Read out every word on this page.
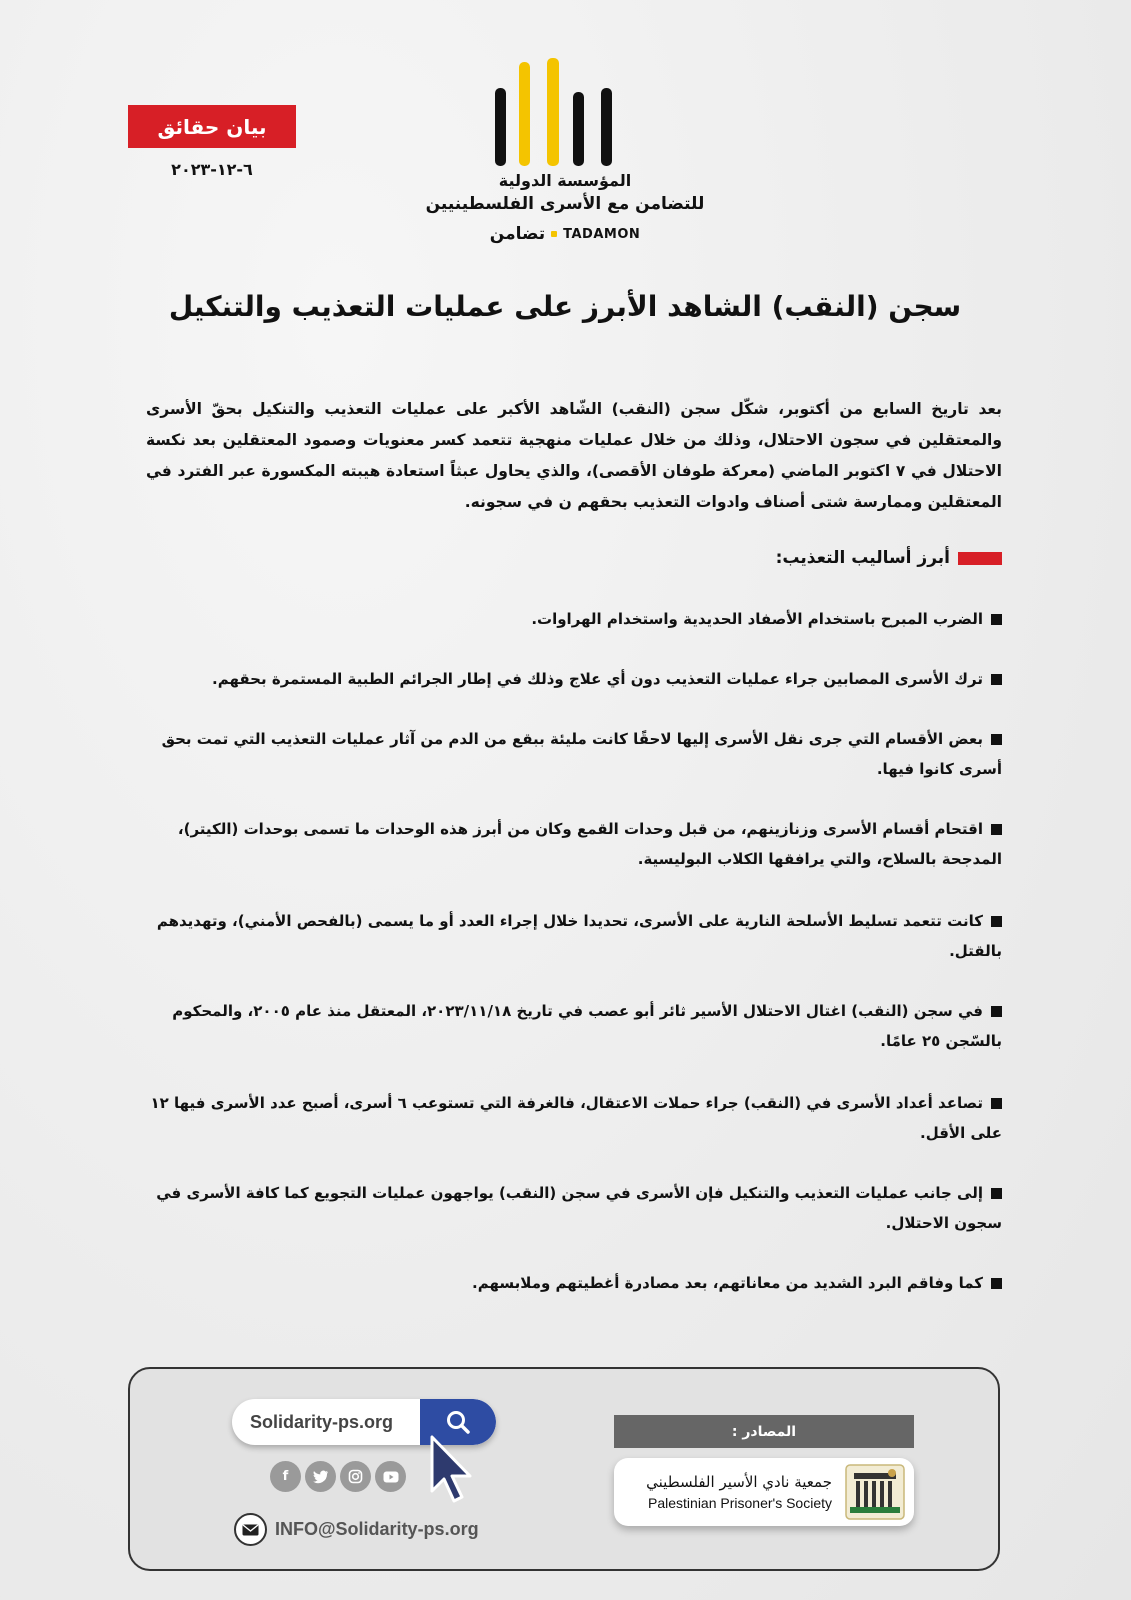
بيان حقائق
٦-١٢-٢٠٢٣
المؤسسة الدولية
للتضامن مع الأسرى الفلسطينيين
TADAMON
تضامن
سجن (النقب) الشاهد الأبرز على عمليات التعذيب والتنكيل
بعد تاريخ السابع من أكتوبر، شكّل سجن (النقب) الشّاهد الأكبر على عمليات التعذيب والتنكيل بحقّ الأسرى والمعتقلين في سجون الاحتلال، وذلك من خلال عمليات منهجية تتعمد كسر معنويات وصمود المعتقلين بعد نكسة الاحتلال في ٧ اكتوبر الماضي (معركة طوفان الأقصى)، والذي يحاول عبثاً استعادة هيبته المكسورة عبر الفترد في المعتقلين وممارسة شتى أصناف وادوات التعذيب بحقهم ن في سجونه.
أبرز أساليب التعذيب:
الضرب المبرح باستخدام الأصفاد الحديدية واستخدام الهراوات.
ترك الأسرى المصابين جراء عمليات التعذيب دون أي علاج وذلك في إطار الجرائم الطبية المستمرة بحقهم.
بعض الأقسام التي جرى نقل الأسرى إليها لاحقًا كانت مليئة ببقع من الدم من آثار عمليات التعذيب التي تمت بحق أسرى كانوا فيها.
اقتحام أقسام الأسرى وزنازينهم، من قبل وحدات القمع وكان من أبرز هذه الوحدات ما تسمى بوحدات (الكيتر)، المدجحة بالسلاح، والتي يرافقها الكلاب البوليسية.
كانت تتعمد تسليط الأسلحة النارية على الأسرى، تحديدا خلال إجراء العدد أو ما يسمى (بالفحص الأمني)، وتهديدهم بالقتل.
في سجن (النقب) اغتال الاحتلال الأسير ثائر أبو عصب في تاريخ ٢٠٢٣/١١/١٨، المعتقل منذ عام ٢٠٠٥، والمحكوم بالسّجن ٢٥ عامًا.
تصاعد أعداد الأسرى في (النقب) جراء حملات الاعتقال، فالغرفة التي تستوعب ٦ أسرى، أصبح عدد الأسرى فيها ١٢ على الأقل.
إلى جانب عمليات التعذيب والتنكيل فإن الأسرى في سجن (النقب) يواجهون عمليات التجويع كما كافة الأسرى في سجون الاحتلال.
كما وفاقم البرد الشديد من معاناتهم، بعد مصادرة أغطيتهم وملابسهم.
Solidarity-ps.org
f
INFO@Solidarity-ps.org
المصادر :
جمعية نادي الأسير الفلسطيني
Palestinian Prisoner's Society
